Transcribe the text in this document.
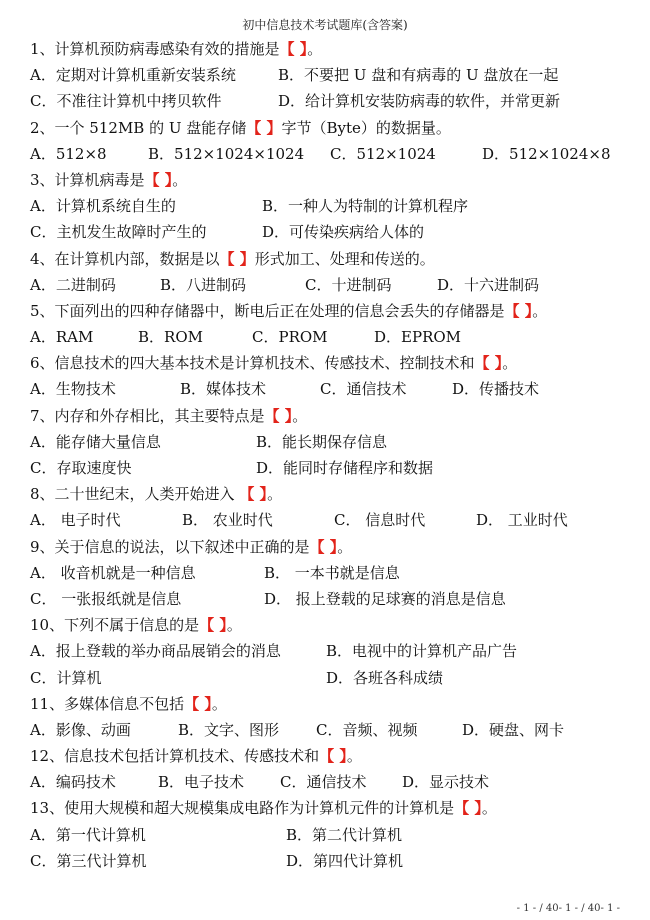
初中信息技术考试题库(含答案)
1、计算机预防病毒感染有效的措施是【 】。
A．定期对计算机重新安装系统	B．不要把 U 盘和有病毒的 U 盘放在一起
C．不准往计算机中拷贝软件	D．给计算机安装防病毒的软件，并常更新
2、一个 512MB 的 U 盘能存储【 】字节（Byte）的数据量。
A．512×8	B．512×1024×1024 C．512×1024	D．512×1024×8
3、计算机病毒是【 】。
A．计算机系统自生的	B．一种人为特制的计算机程序
C．主机发生故障时产生的	D．可传染疾病给人体的
4、在计算机内部，数据是以【 】形式加工、处理和传送的。
A．二进制码	B．八进制码	C．十进制码	D．十六进制码
5、下面列出的四种存储器中，断电后正在处理的信息会丢失的存储器是【 】。
A．RAM	B．ROM	C．PROM	D．EPROM
6、信息技术的四大基本技术是计算机技术、传感技术、控制技术和【 】。
A．生物技术	B．媒体技术	C．通信技术	D．传播技术
7、内存和外存相比，其主要特点是【 】。
A．能存储大量信息	B．能长期保存信息
C．存取速度快	D．能同时存储程序和数据
8、二十世纪末，人类开始进入 【 】。
A． 电子时代	B． 农业时代	C． 信息时代	D． 工业时代
9、关于信息的说法，以下叙述中正确的是【 】。
A． 收音机就是一种信息	B． 一本书就是信息
C． 一张报纸就是信息	D． 报上登载的足球赛的消息是信息
10、下列不属于信息的是【 】。
A．报上登载的举办商品展销会的消息	B．电视中的计算机产品广告
C．计算机	D．各班各科成绩
11、多媒体信息不包括【 】。
A．影像、动画	B．文字、图形 C．音频、视频	D．硬盘、网卡
12、信息技术包括计算机技术、传感技术和【 】。
A．编码技术	B．电子技术 C．通信技术 D．显示技术
13、使用大规模和超大规模集成电路作为计算机元件的计算机是【 】。
A．第一代计算机	B．第二代计算机
C．第三代计算机	D．第四代计算机
- 1 - / 40- 1 - / 40- 1 -
